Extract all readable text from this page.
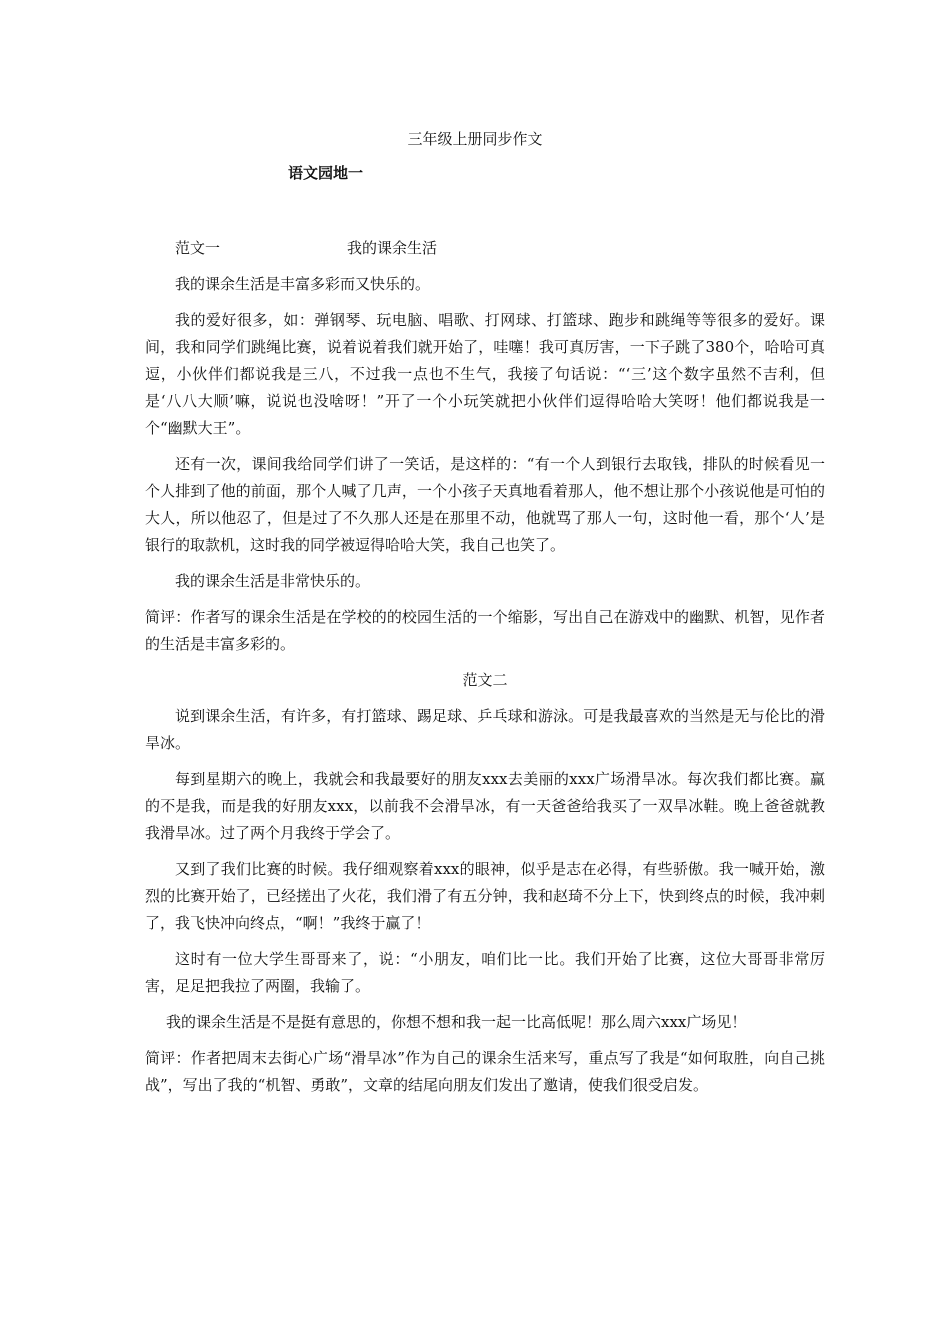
三年级上册同步作文
语文园地一
范文一	我的课余生活

我的课余生活是丰富多彩而又快乐的。

我的爱好很多，如：弹钢琴、玩电脑、唱歌、打网球、打篮球、跑步和跳绳等等很多的爱好。课间，我和同学们跳绳比赛，说着说着我们就开始了，哇噻！我可真厉害，一下子跳了380个，哈哈可真逗，小伙伴们都说我是三八，不过我一点也不生气，我接了句话说：“‘三’这个数字虽然不吉利，但是‘八八大顺’嘛，说说也没啥呀！”开了一个小玩笑就把小伙伴们逗得哈哈大笑呀！他们都说我是一个“幽默大王”。

还有一次，课间我给同学们讲了一笑话，是这样的：“有一个人到银行去取钱，排队的时候看见一个人排到了他的前面，那个人喊了几声，一个小孩子天真地看着那人，他不想让那个小孩说他是可怕的大人，所以他忍了，但是过了不久那人还是在那里不动，他就骂了那人一句，这时他一看，那个‘人’是银行的取款机，这时我的同学被逗得哈哈大笑，我自己也笑了。

我的课余生活是非常快乐的。

简评：作者写的课余生活是在学校的的校园生活的一个缩影，写出自己在游戏中的幽默、机智，见作者的生活是丰富多彩的。

范文二

说到课余生活，有许多，有打篮球、踢足球、乒乓球和游泳。可是我最喜欢的当然是无与伦比的滑旱冰。

每到星期六的晚上，我就会和我最要好的朋友xxx去美丽的xxx广场滑旱冰。每次我们都比赛。赢的不是我，而是我的好朋友xxx，以前我不会滑旱冰，有一天爸爸给我买了一双旱冰鞋。晚上爸爸就教我滑旱冰。过了两个月我终于学会了。

又到了我们比赛的时候。我仔细观察着xxx的眼神，似乎是志在必得，有些骄傲。我一喊开始，激烈的比赛开始了，已经搓出了火花，我们滑了有五分钟，我和赵琦不分上下，快到终点的时候，我冲刺了，我飞快冲向终点，“啊！”我终于赢了！

这时有一位大学生哥哥来了，说：“小朋友，咱们比一比。我们开始了比赛，这位大哥哥非常厉害，足足把我拉了两圈，我输了。

我的课余生活是不是挺有意思的，你想不想和我一起一比高低呢！那么周六xxx广场见！

简评：作者把周末去街心广场“滑旱冰”作为自己的课余生活来写，重点写了我是“如何取胜，向自己挑战”，写出了我的“机智、勇敢”，文章的结尾向朋友们发出了邀请，使我们很受启发。
